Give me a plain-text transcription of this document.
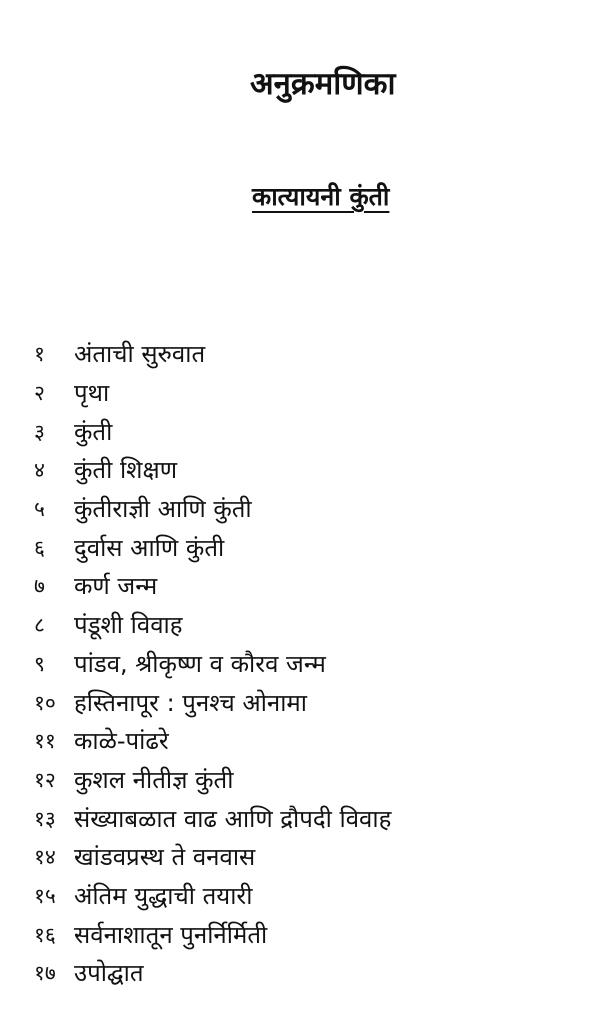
अनुक्रमणिका
कात्यायनी कुंती
१	अंताची सुरुवात
२	पृथा
३	कुंती
४	कुंती शिक्षण
५	कुंतीराज्ञी आणि कुंती
६	दुर्वास आणि कुंती
७	कर्ण जन्म
८	पंडूशी विवाह
९	पांडव, श्रीकृष्ण व कौरव जन्म
१० हस्तिनापूर : पुनश्च ओनामा
११ काळे-पांढरे
१२ कुशल नीतीज्ञ कुंती
१३ संख्याबळात वाढ आणि द्रौपदी विवाह
१४ खांडवप्रस्थ ते वनवास
१५ अंतिम युद्धाची तयारी
१६ सर्वनाशातून पुनर्निर्मिती
१७ उपोद्घात
